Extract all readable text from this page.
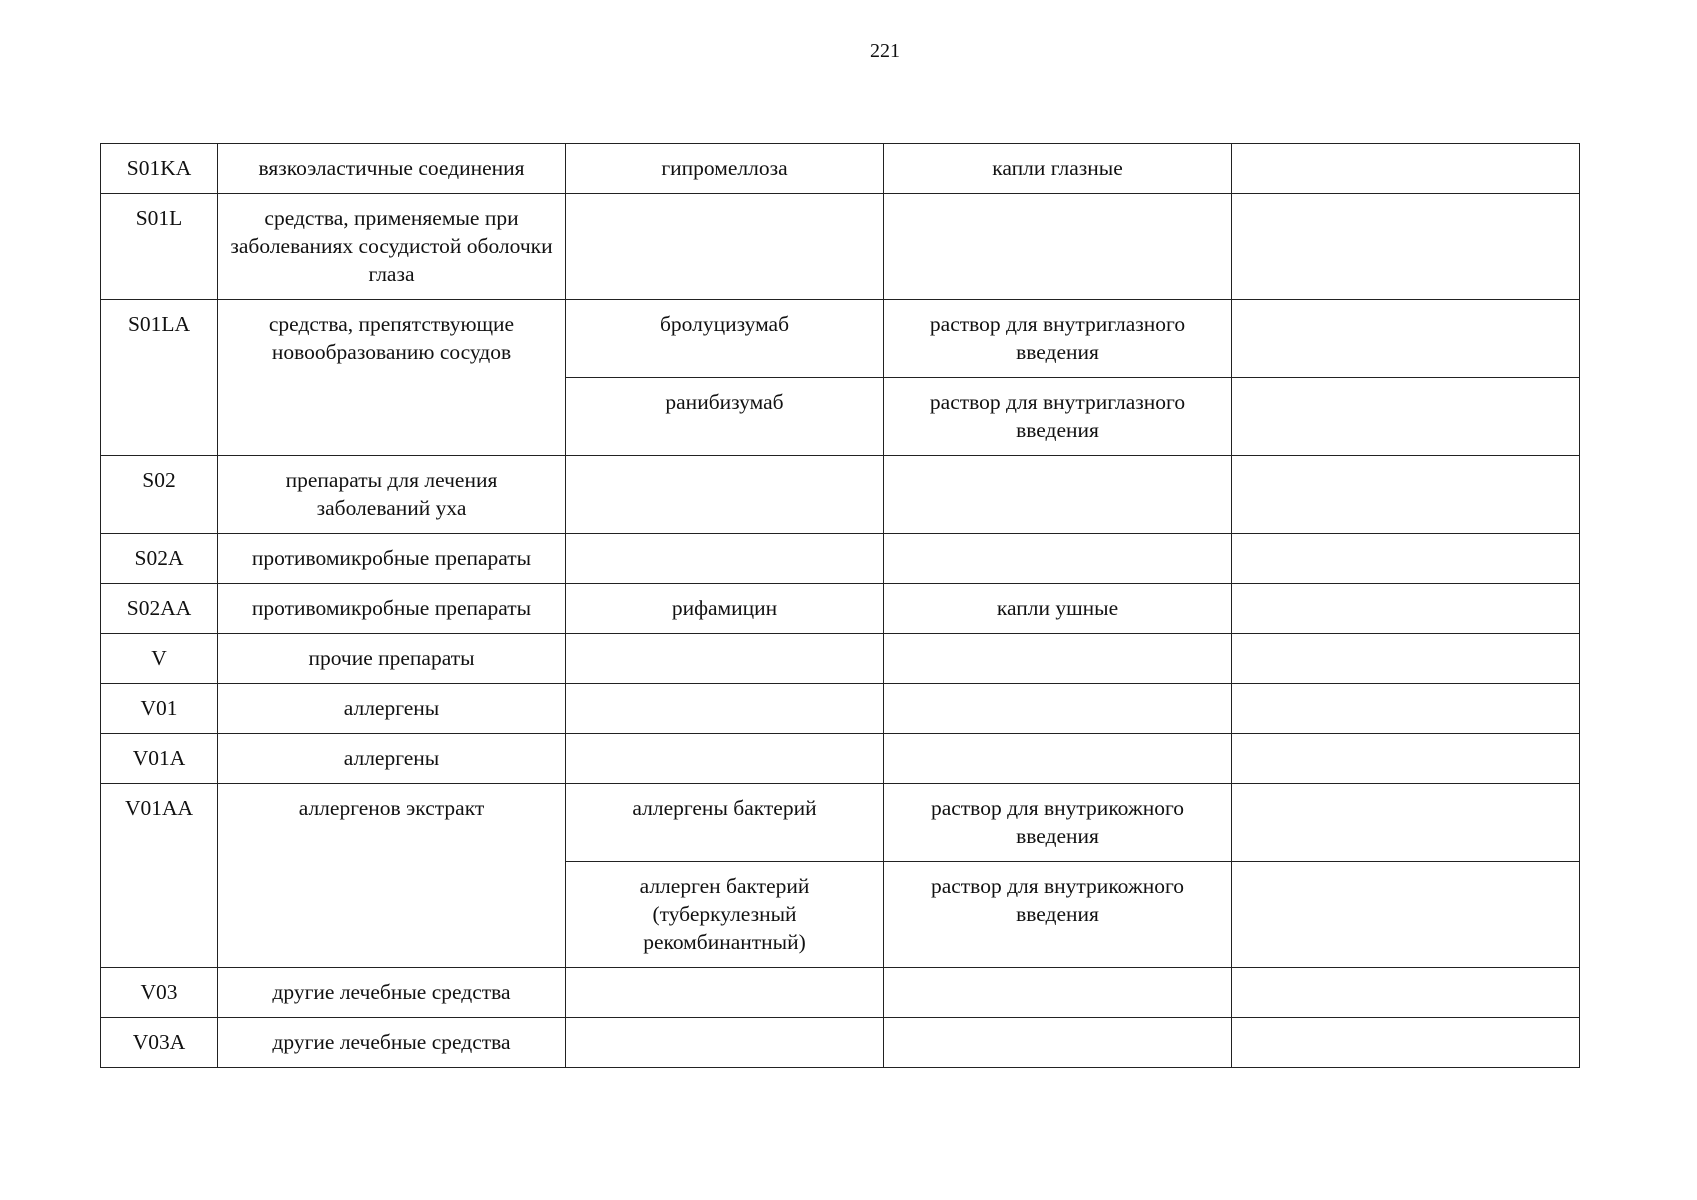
221
S01KA	вязкоэластичные соединения	гипромеллоза	капли глазные	
S01L	средства, применяемые при заболеваниях сосудистой оболочки глаза			
S01LA	средства, препятствующие новообразованию сосудов	бролуцизумаб	раствор для внутриглазного введения	
		ранибизумаб	раствор для внутриглазного введения	
S02	препараты для лечения заболеваний уха			
S02A	противомикробные препараты			
S02AA	противомикробные препараты	рифамицин	капли ушные	
V	прочие препараты			
V01	аллергены			
V01A	аллергены			
V01AA	аллергенов экстракт	аллергены бактерий	раствор для внутрикожного введения	
		аллерген бактерий (туберкулезный рекомбинантный)	раствор для внутрикожного введения	
V03	другие лечебные средства			
V03A	другие лечебные средства			
